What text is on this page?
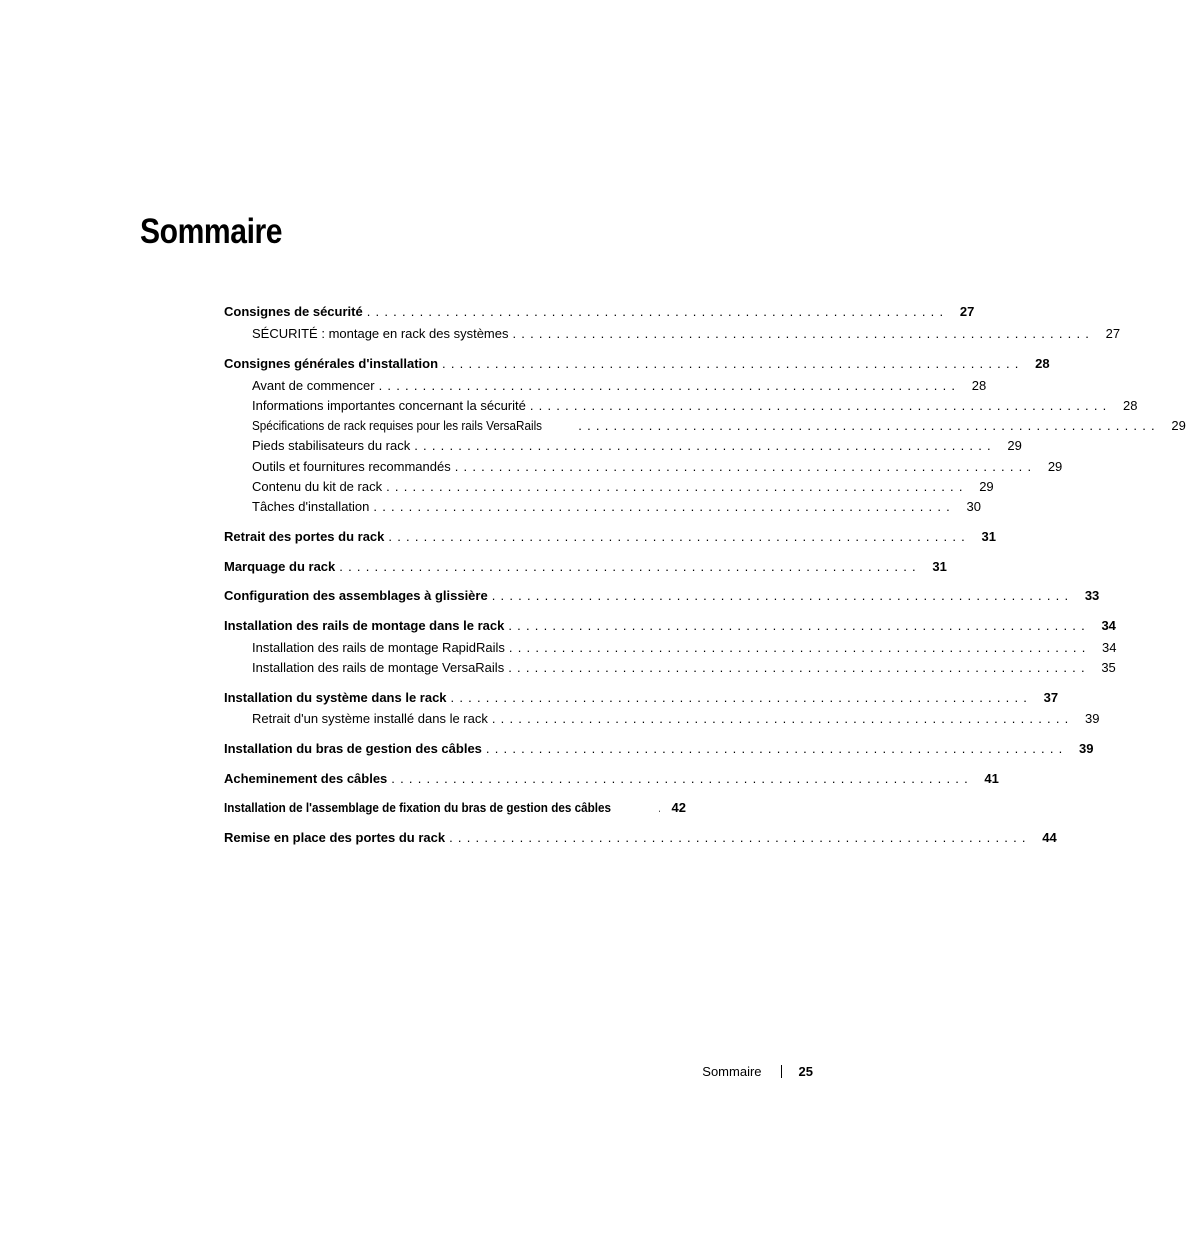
Sommaire
Consignes de sécurité .................................................................. 27
SÉCURITÉ : montage en rack des systèmes .................................................................. 27
Consignes générales d'installation .................................................................. 28
Avant de commencer .................................................................. 28
Informations importantes concernant la sécurité .................................................................. 28
Spécifications de rack requises pour les rails VersaRails	.................................................................. 29
Pieds stabilisateurs du rack .................................................................. 29
Outils et fournitures recommandés .................................................................. 29
Contenu du kit de rack .................................................................. 29
Tâches d'installation .................................................................. 30
Retrait des portes du rack .................................................................. 31
Marquage du rack .................................................................. 31
Configuration des assemblages à glissière .................................................................. 33
Installation des rails de montage dans le rack .................................................................. 34
Installation des rails de montage RapidRails .................................................................. 34
Installation des rails de montage VersaRails .................................................................. 35
Installation du système dans le rack .................................................................. 37
Retrait d'un système installé dans le rack .................................................................. 39
Installation du bras de gestion des câbles .................................................................. 39
Acheminement des câbles .................................................................. 41
Installation de l'assemblage de fixation du bras de gestion des câbles	42
Remise en place des portes du rack .................................................................. 44
Sommaire	25
